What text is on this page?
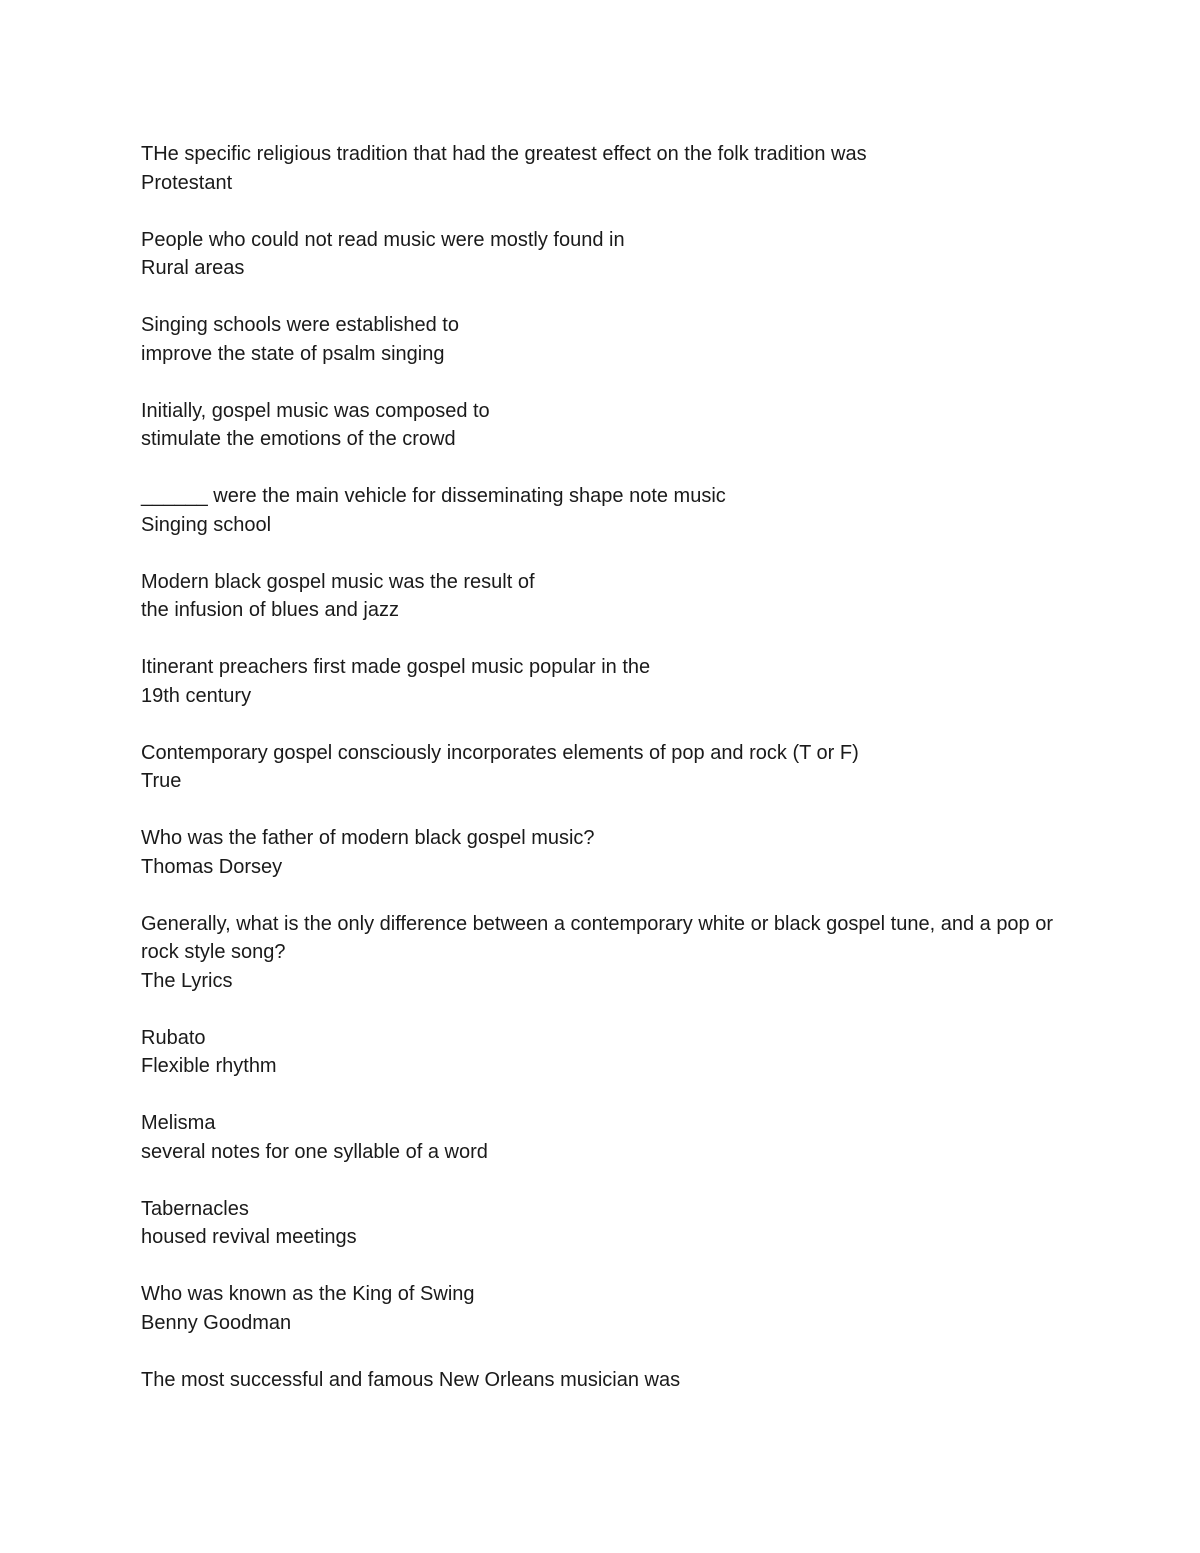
THe specific religious tradition that had the greatest effect on the folk tradition was
Protestant
People who could not read music were mostly found in
Rural areas
Singing schools were established to
improve the state of psalm singing
Initially, gospel music was composed to
stimulate the emotions of the crowd
______ were the main vehicle for disseminating shape note music
Singing school
Modern black gospel music was the result of
the infusion of blues and jazz
Itinerant preachers first made gospel music popular in the
19th century
Contemporary gospel consciously incorporates elements of pop and rock (T or F)
True
Who was the father of modern black gospel music?
Thomas Dorsey
Generally, what is the only difference between a contemporary white or black gospel tune, and a pop or rock style song?
The Lyrics
Rubato
Flexible rhythm
Melisma
several notes for one syllable of a word
Tabernacles
housed revival meetings
Who was known as the King of Swing
Benny Goodman
The most successful and famous New Orleans musician was
